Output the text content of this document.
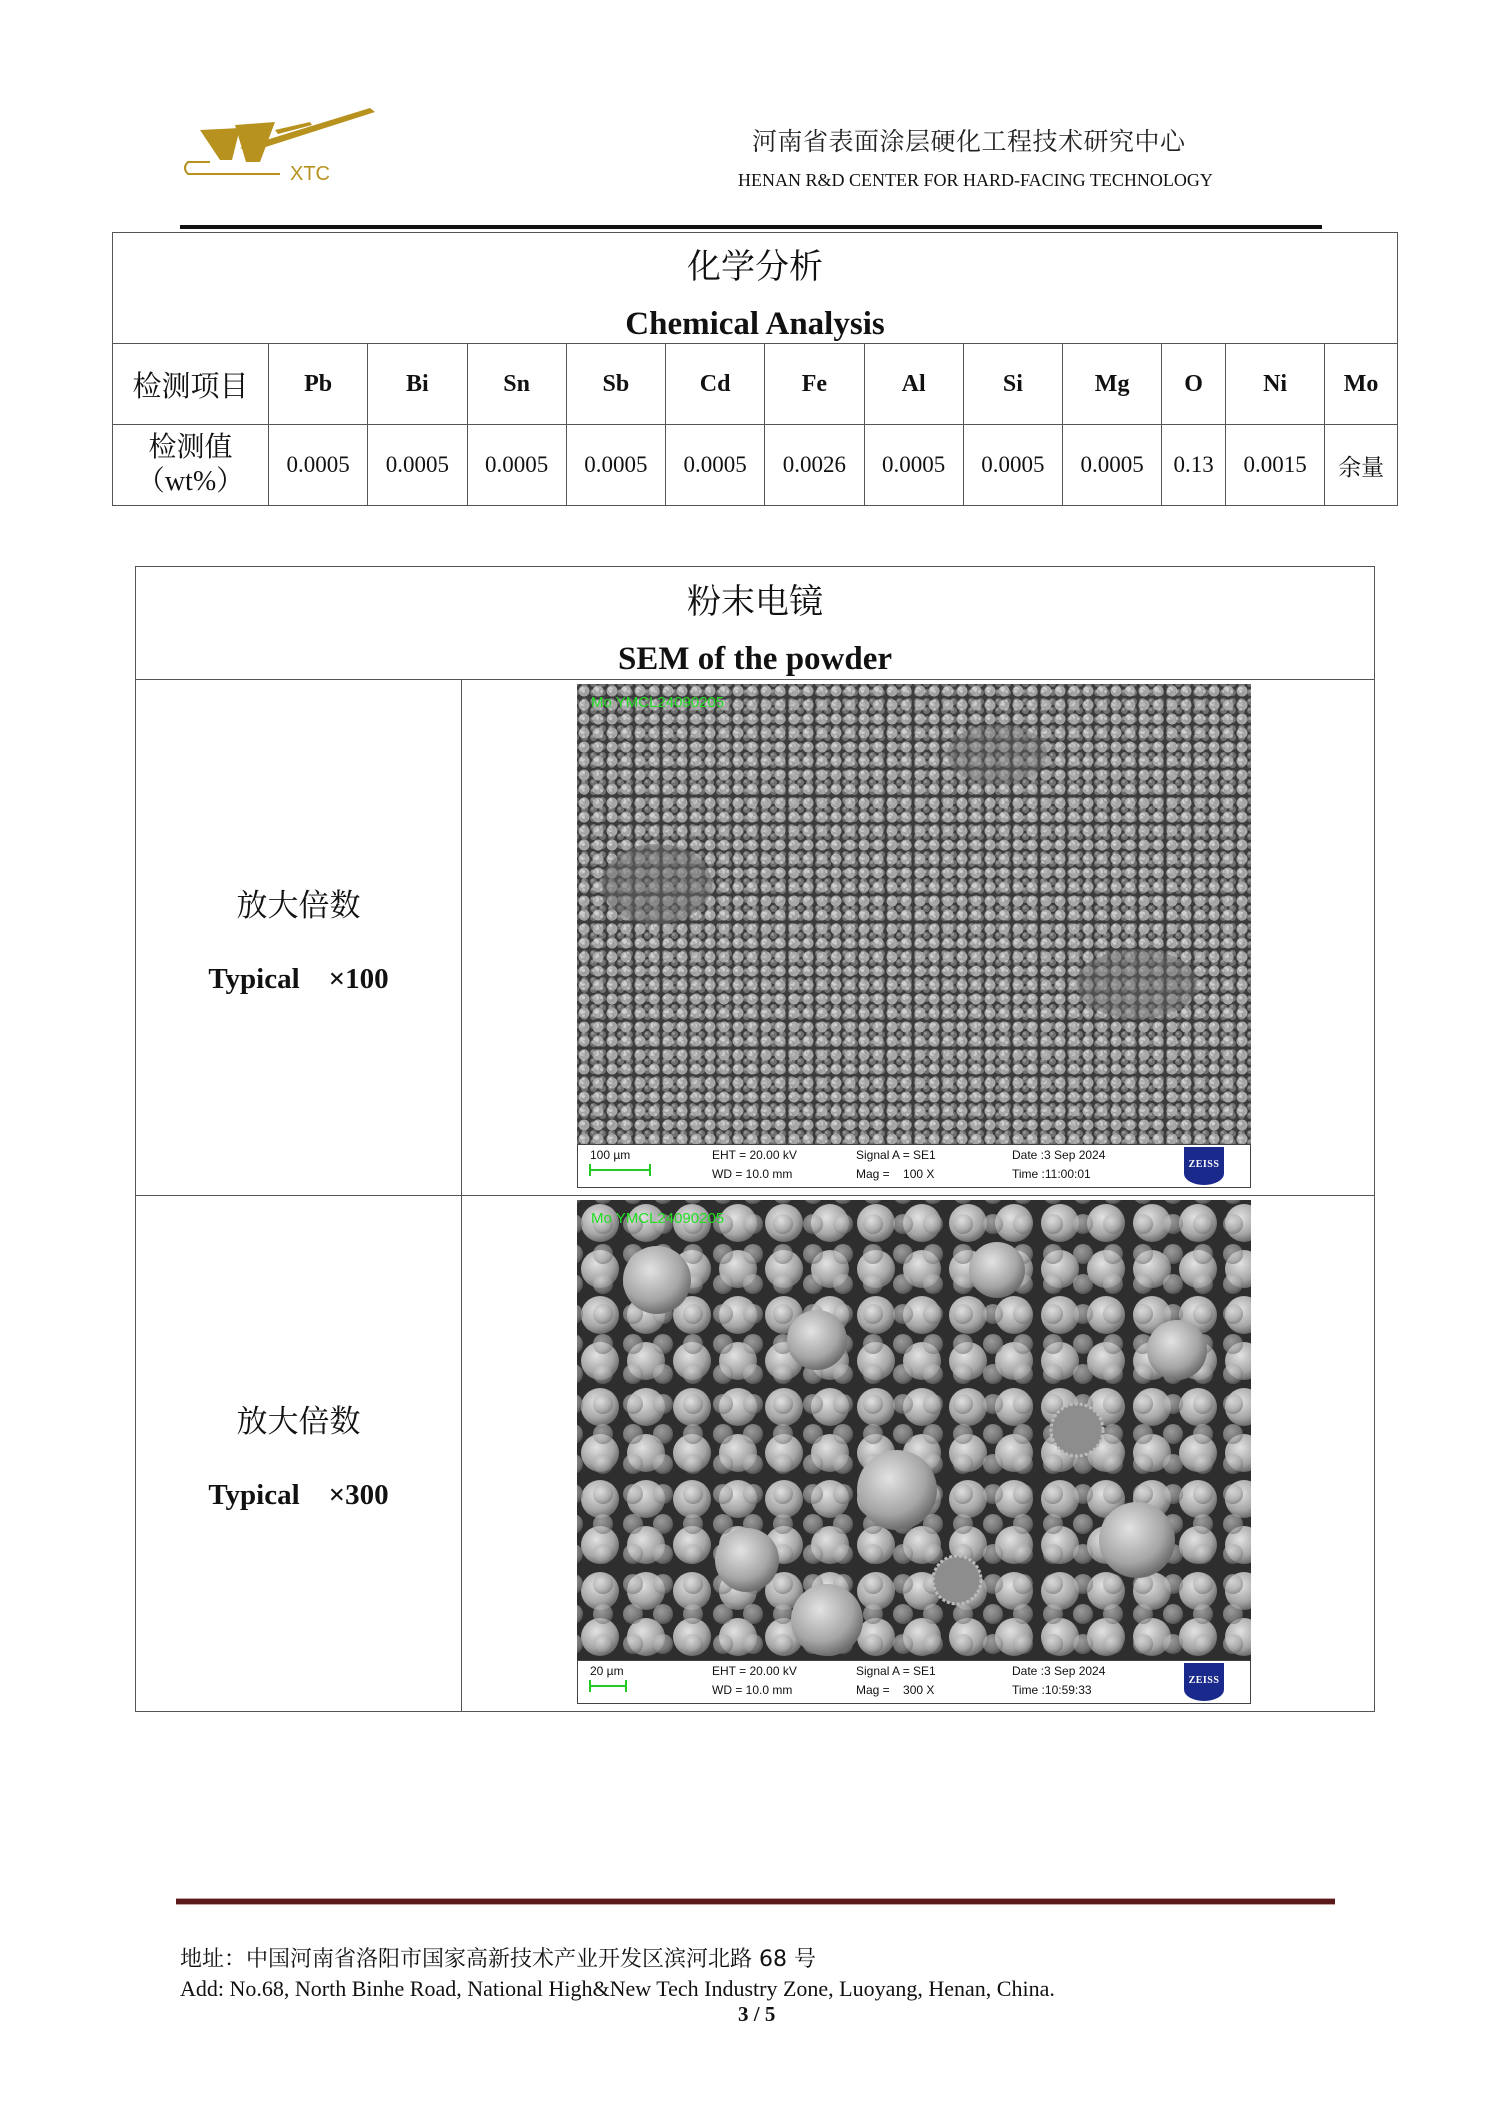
XTC
河南省表面涂层硬化工程技术研究中心
HENAN R&D CENTER FOR HARD-FACING TECHNOLOGY
化学分析
Chemical Analysis												

检测项目	Pb	Bi	Sn	Sb	Cd	Fe	Al	Si	Mg	O	Ni	Mo
检测值
（wt%）	0.0005	0.0005	0.0005	0.0005	0.0005	0.0026	0.0005	0.0005	0.0005	0.13	0.0015	余量
粉末电镜
SEM of the powder	

放大倍数
Typical    ×100

Mo YMCL24090205
100 µm	EHT = 20.00 kV
WD = 10.0 mm
Signal A = SE1
Mag =    100 X
Date :3 Sep 2024
Time :11:00:01
ZEISS

放大倍数
Typical    ×300

Mo YMCL24090205
20 µm	EHT = 20.00 kV
WD = 10.0 mm
Signal A = SE1
Mag =    300 X
Date :3 Sep 2024
Time :10:59:33
ZEISS
地址：中国河南省洛阳市国家高新技术产业开发区滨河北路 68 号
Add: No.68, North Binhe Road, National High&New Tech Industry Zone, Luoyang, Henan, China.
3 / 5
